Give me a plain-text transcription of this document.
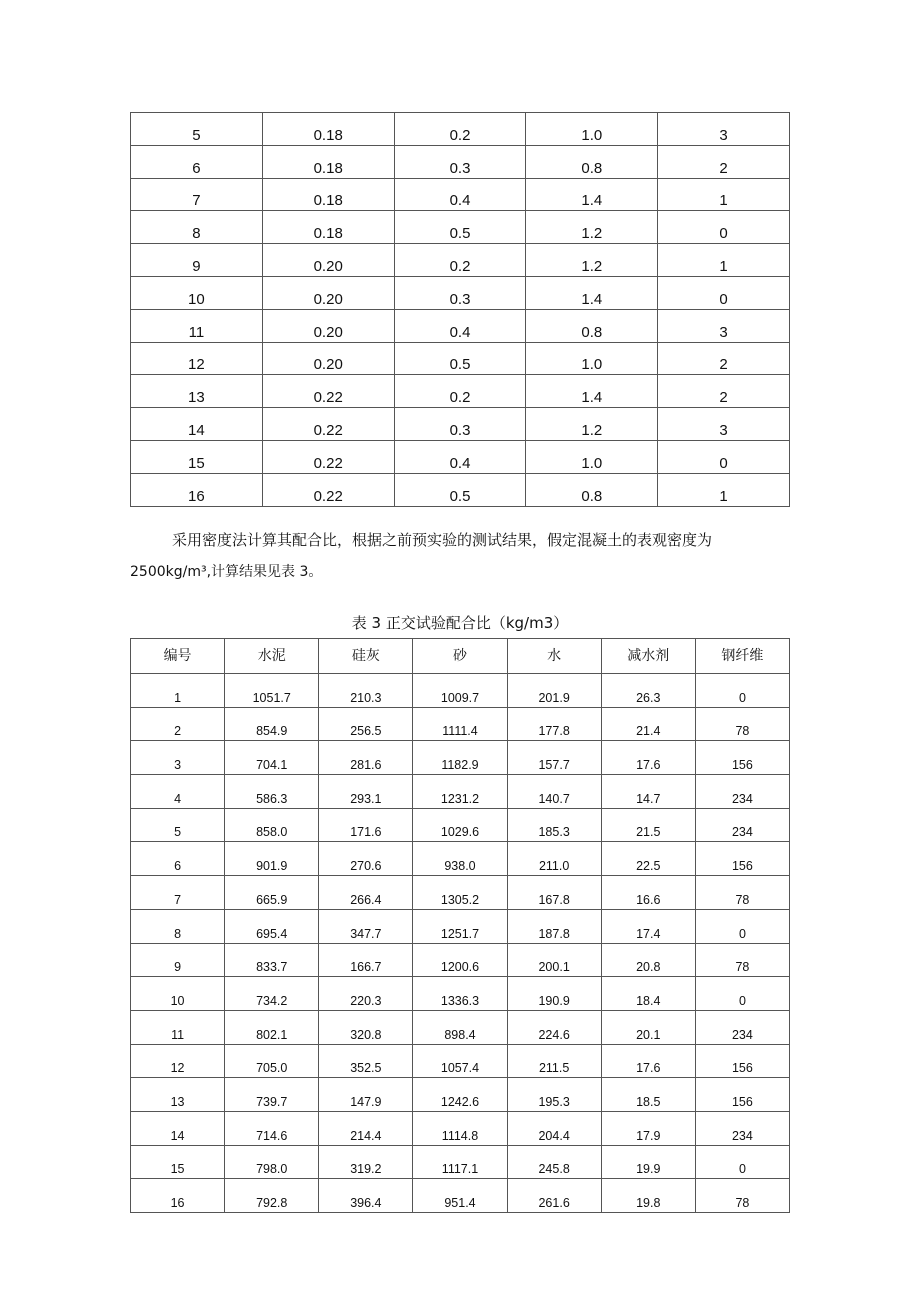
5	0.18	0.2	1.0	3
6	0.18	0.3	0.8	2
7	0.18	0.4	1.4	1
8	0.18	0.5	1.2	0
9	0.20	0.2	1.2	1
10	0.20	0.3	1.4	0
11	0.20	0.4	0.8	3
12	0.20	0.5	1.0	2
13	0.22	0.2	1.4	2
14	0.22	0.3	1.2	3
15	0.22	0.4	1.0	0
16	0.22	0.5	0.8	1
采用密度法计算其配合比，根据之前预实验的测试结果，假定混凝土的表观密度为
2500kg/m³,计算结果见表 3。
表 3 正交试验配合比（kg/m3）
编号	水泥	硅灰	砂	水	减水剂	钢纤维
1	1051.7	210.3	1009.7	201.9	26.3	0
2	854.9	256.5	1111.4	177.8	21.4	78
3	704.1	281.6	1182.9	157.7	17.6	156
4	586.3	293.1	1231.2	140.7	14.7	234
5	858.0	171.6	1029.6	185.3	21.5	234
6	901.9	270.6	938.0	211.0	22.5	156
7	665.9	266.4	1305.2	167.8	16.6	78
8	695.4	347.7	1251.7	187.8	17.4	0
9	833.7	166.7	1200.6	200.1	20.8	78
10	734.2	220.3	1336.3	190.9	18.4	0
11	802.1	320.8	898.4	224.6	20.1	234
12	705.0	352.5	1057.4	211.5	17.6	156
13	739.7	147.9	1242.6	195.3	18.5	156
14	714.6	214.4	1114.8	204.4	17.9	234
15	798.0	319.2	1117.1	245.8	19.9	0
16	792.8	396.4	951.4	261.6	19.8	78
